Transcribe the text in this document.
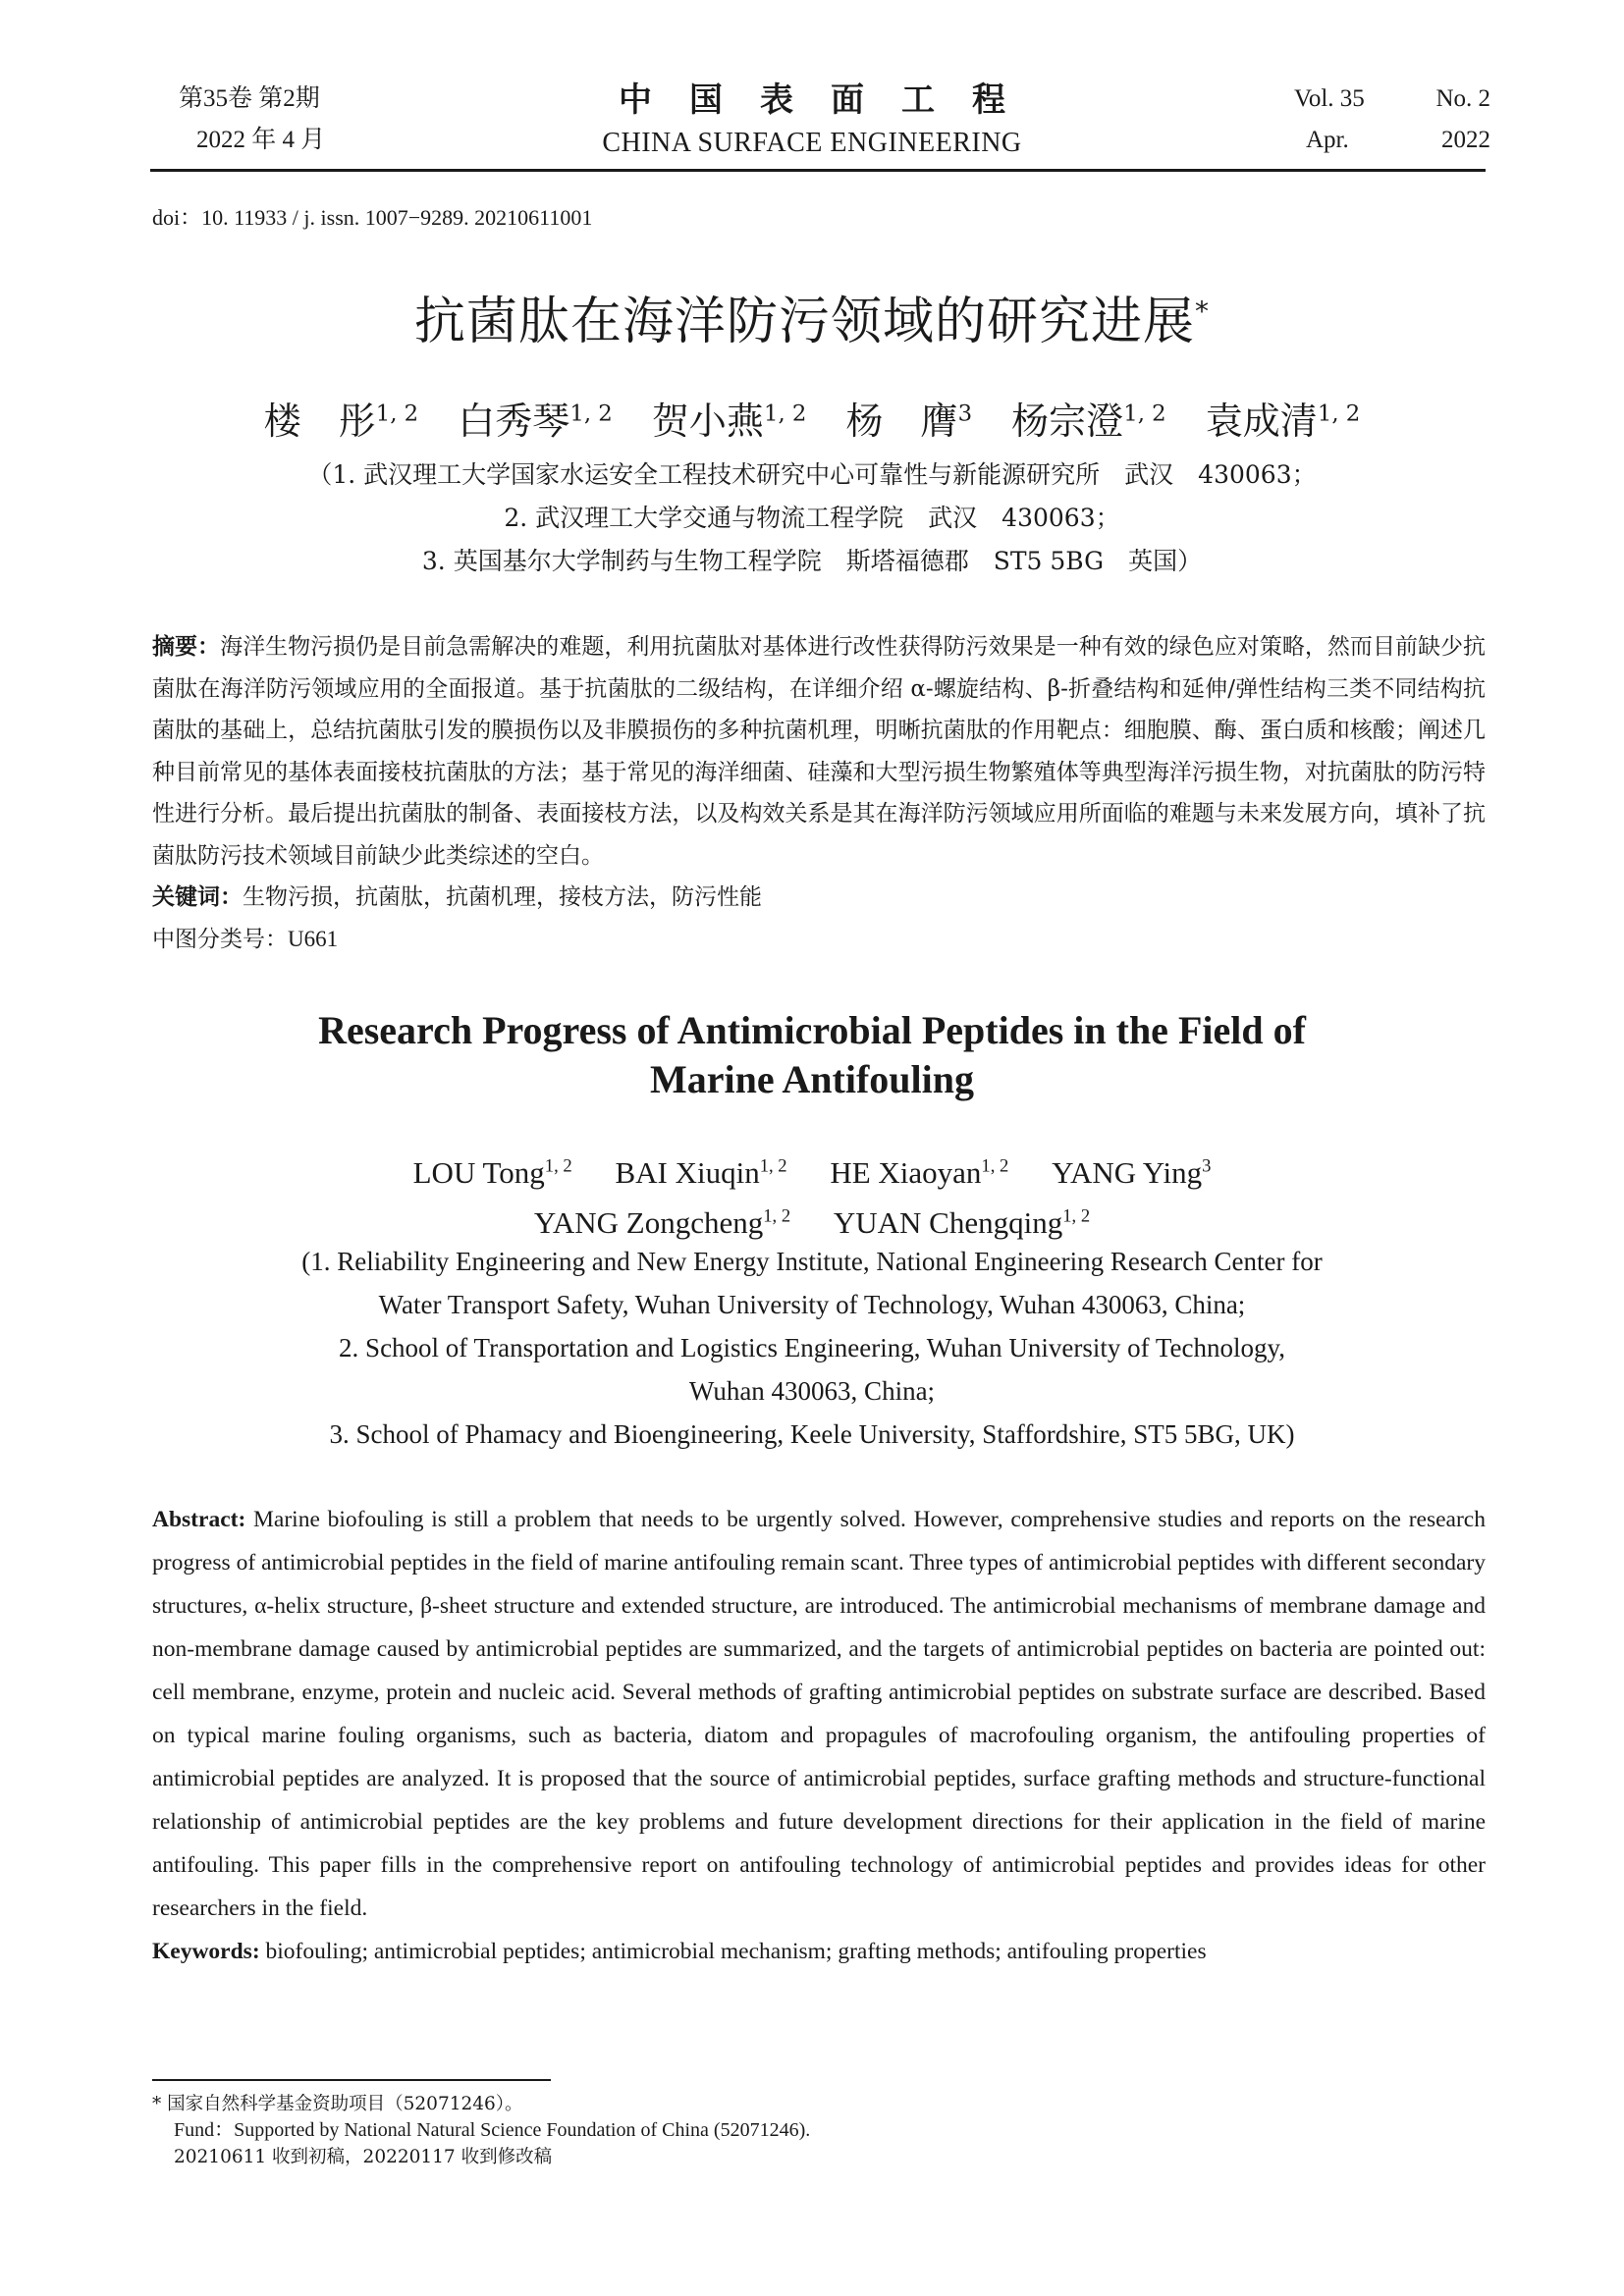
第35卷 第2期
2022 年 4 月
中国表面工程
CHINA SURFACE ENGINEERING
Vol. 35	No. 2
Apr.	2022
doi：10. 11933 / j. issn. 1007−9289. 20210611001
抗菌肽在海洋防污领域的研究进展*
楼　彤$^{1, 2}$ 白秀琴$^{1, 2}$ 贺小燕$^{1, 2}$ 杨　膺$^3$ 杨宗澄$^{1, 2}$ 袁成清$^{1, 2}$
（1. 武汉理工大学国家水运安全工程技术研究中心可靠性与新能源研究所　武汉　430063；
2. 武汉理工大学交通与物流工程学院　武汉　430063；
3. 英国基尔大学制药与生物工程学院　斯塔福德郡　ST5 5BG　英国）
摘要：海洋生物污损仍是目前急需解决的难题，利用抗菌肽对基体进行改性获得防污效果是一种有效的绿色应对策略，然而目前缺少抗菌肽在海洋防污领域应用的全面报道。基于抗菌肽的二级结构，在详细介绍 α-螺旋结构、β-折叠结构和延伸/弹性结构三类不同结构抗菌肽的基础上，总结抗菌肽引发的膜损伤以及非膜损伤的多种抗菌机理，明晰抗菌肽的作用靶点：细胞膜、酶、蛋白质和核酸；阐述几种目前常见的基体表面接枝抗菌肽的方法；基于常见的海洋细菌、硅藻和大型污损生物繁殖体等典型海洋污损生物，对抗菌肽的防污特性进行分析。最后提出抗菌肽的制备、表面接枝方法，以及构效关系是其在海洋防污领域应用所面临的难题与未来发展方向，填补了抗菌肽防污技术领域目前缺少此类综述的空白。
关键词：生物污损，抗菌肽，抗菌机理，接枝方法，防污性能
中图分类号：U661
Research Progress of Antimicrobial Peptides in the Field of
Marine Antifouling
LOU Tong$^{1, 2}$ BAI Xiuqin$^{1, 2}$ HE Xiaoyan$^{1, 2}$ YANG Ying$^3$
YANG Zongcheng$^{1, 2}$ YUAN Chengqing$^{1, 2}$
(1. Reliability Engineering and New Energy Institute, National Engineering Research Center for
Water Transport Safety, Wuhan University of Technology, Wuhan 430063, China;
2. School of Transportation and Logistics Engineering, Wuhan University of Technology,
Wuhan 430063, China;
3. School of Phamacy and Bioengineering, Keele University, Staffordshire, ST5 5BG, UK)
Abstract: Marine biofouling is still a problem that needs to be urgently solved. However, comprehensive studies and reports on the research progress of antimicrobial peptides in the field of marine antifouling remain scant. Three types of antimicrobial peptides with different secondary structures, α-helix structure, β-sheet structure and extended structure, are introduced. The antimicrobial mechanisms of membrane damage and non-membrane damage caused by antimicrobial peptides are summarized, and the targets of antimicrobial peptides on bacteria are pointed out: cell membrane, enzyme, protein and nucleic acid. Several methods of grafting antimicrobial peptides on substrate surface are described. Based on typical marine fouling organisms, such as bacteria, diatom and propagules of macrofouling organism, the antifouling properties of antimicrobial peptides are analyzed. It is proposed that the source of antimicrobial peptides, surface grafting methods and structure-functional relationship of antimicrobial peptides are the key problems and future development directions for their application in the field of marine antifouling. This paper fills in the comprehensive report on antifouling technology of antimicrobial peptides and provides ideas for other researchers in the field.
Keywords: biofouling; antimicrobial peptides; antimicrobial mechanism; grafting methods; antifouling properties
* 国家自然科学基金资助项目（52071246）。
Fund：Supported by National Natural Science Foundation of China (52071246).
20210611 收到初稿，20220117 收到修改稿
